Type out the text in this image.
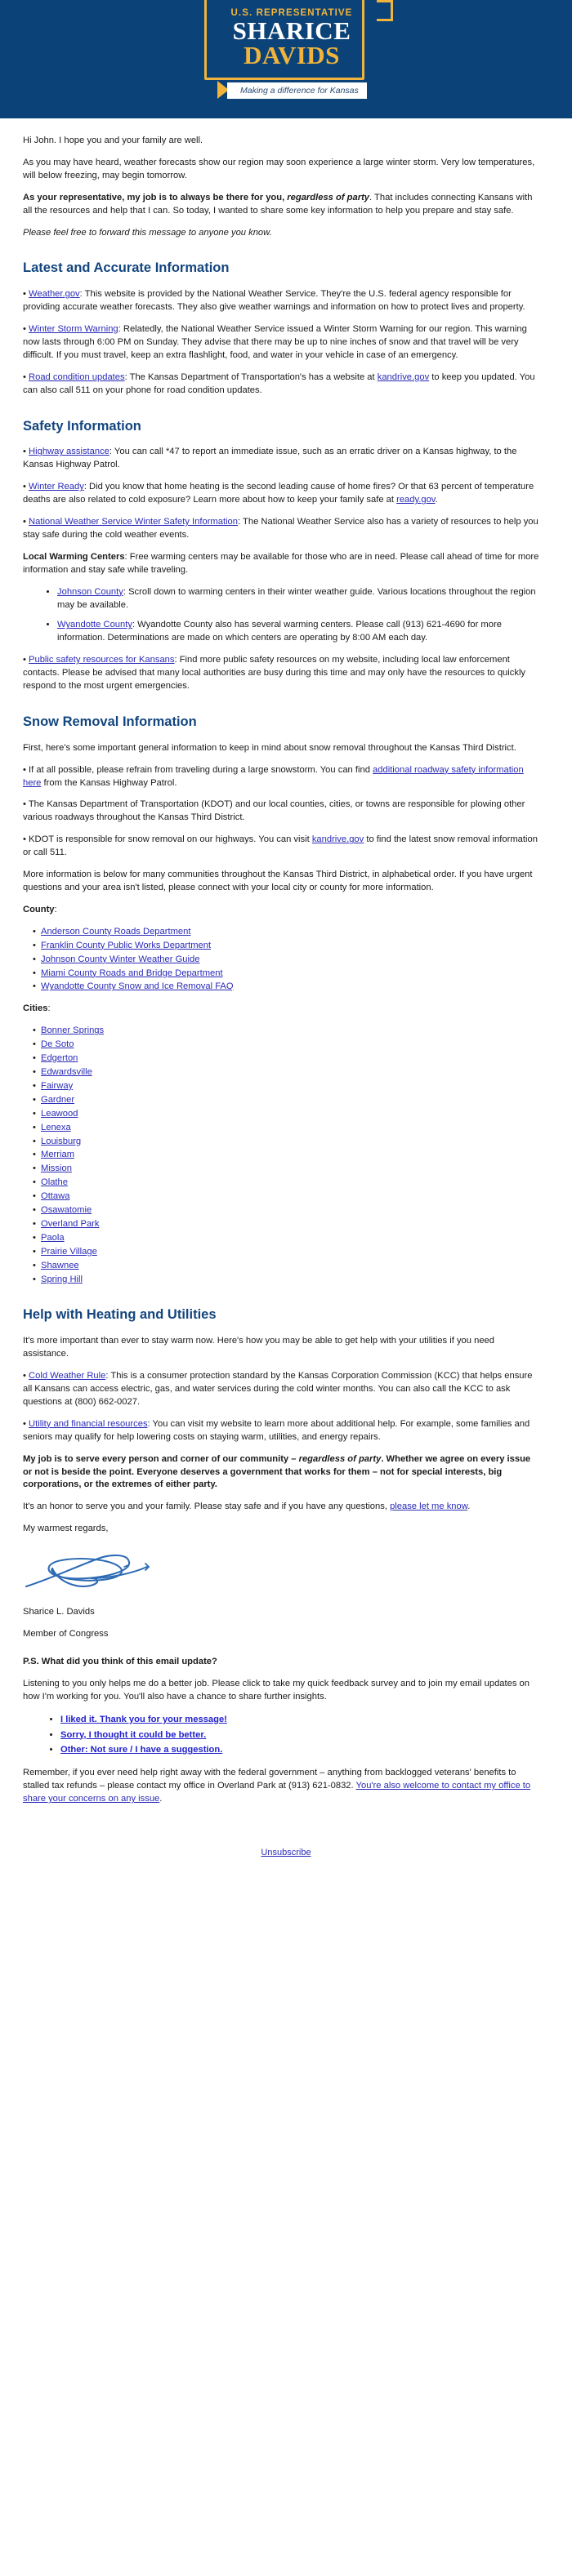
U.S. REPRESENTATIVE
SHARICE
DAVIDS
Making a difference for Kansas

Hi John. I hope you and your family are well.

As you may have heard, weather forecasts show our region may soon experience a large winter storm. Very low temperatures, will below freezing, may begin tomorrow.

As your representative, my job is to always be there for you, regardless of party. That includes connecting Kansans with all the resources and help that I can. So today, I wanted to share some key information to help you prepare and stay safe.

Please feel free to forward this message to anyone you know.

Latest and Accurate Information

• Weather.gov: This website is provided by the National Weather Service. They're the U.S. federal agency responsible for providing accurate weather forecasts. They also give weather warnings and information on how to protect lives and property.

• Winter Storm Warning: Relatedly, the National Weather Service issued a Winter Storm Warning for our region. This warning now lasts through 6:00 PM on Sunday. They advise that there may be up to nine inches of snow and that travel will be very difficult. If you must travel, keep an extra flashlight, food, and water in your vehicle in case of an emergency.

• Road condition updates: The Kansas Department of Transportation's has a website at kandrive.gov to keep you updated. You can also call 511 on your phone for road condition updates.

Safety Information

• Highway assistance: You can call *47 to report an immediate issue, such as an erratic driver on a Kansas highway, to the Kansas Highway Patrol.

• Winter Ready: Did you know that home heating is the second leading cause of home fires? Or that 63 percent of temperature deaths are also related to cold exposure? Learn more about how to keep your family safe at ready.gov.

• National Weather Service Winter Safety Information: The National Weather Service also has a variety of resources to help you stay safe during the cold weather events.

Local Warming Centers: Free warming centers may be available for those who are in need. Please call ahead of time for more information and stay safe while traveling.

• Johnson County: Scroll down to warming centers in their winter weather guide. Various locations throughout the region may be available.
• Wyandotte County: Wyandotte County also has several warming centers. Please call (913) 621-4690 for more information. Determinations are made on which centers are operating by 8:00 AM each day.

• Public safety resources for Kansans: Find more public safety resources on my website, including local law enforcement contacts. Please be advised that many local authorities are busy during this time and may only have the resources to quickly respond to the most urgent emergencies.

Snow Removal Information

First, here's some important general information to keep in mind about snow removal throughout the Kansas Third District.

• If at all possible, please refrain from traveling during a large snowstorm. You can find additional roadway safety information here from the Kansas Highway Patrol.

• The Kansas Department of Transportation (KDOT) and our local counties, cities, or towns are responsible for plowing other various roadways throughout the Kansas Third District.

• KDOT is responsible for snow removal on our highways. You can visit kandrive.gov to find the latest snow removal information or call 511.

More information is below for many communities throughout the Kansas Third District, in alphabetical order. If you have urgent questions and your area isn't listed, please connect with your local city or county for more information.

County:

• Anderson County Roads Department
• Franklin County Public Works Department
• Johnson County Winter Weather Guide
• Miami County Roads and Bridge Department
• Wyandotte County Snow and Ice Removal FAQ

Cities:

• Bonner Springs
• De Soto
• Edgerton
• Edwardsville
• Fairway
• Gardner
• Leawood
• Lenexa
• Louisburg
• Merriam
• Mission
• Olathe
• Ottawa
• Osawatomie
• Overland Park
• Paola
• Prairie Village
• Shawnee
• Spring Hill
Help with Heating and Utilities

It's more important than ever to stay warm now. Here's how you may be able to get help with your utilities if you need assistance.

• Cold Weather Rule: This is a consumer protection standard by the Kansas Corporation Commission (KCC) that helps ensure all Kansans can access electric, gas, and water services during the cold winter months. You can also call the KCC to ask questions at (800) 662-0027.

• Utility and financial resources: You can visit my website to learn more about additional help. For example, some families and seniors may qualify for help lowering costs on staying warm, utilities, and energy repairs.

My job is to serve every person and corner of our community – regardless of party. Whether we agree on every issue or not is beside the point. Everyone deserves a government that works for them – not for special interests, big corporations, or the extremes of either party.

It's an honor to serve you and your family. Please stay safe and if you have any questions, please let me know.

My warmest regards,

Sharice L. Davids

Member of Congress

P.S. What did you think of this email update?

Listening to you only helps me do a better job. Please click to take my quick feedback survey and to join my email updates on how I'm working for you. You'll also have a chance to share further insights.

• I liked it. Thank you for your message!
• Sorry, I thought it could be better.
• Other: Not sure / I have a suggestion.

Remember, if you ever need help right away with the federal government – anything from backlogged veterans' benefits to stalled tax refunds – please contact my office in Overland Park at (913) 621-0832. You're also welcome to contact my office to share your concerns on any issue.

Unsubscribe
